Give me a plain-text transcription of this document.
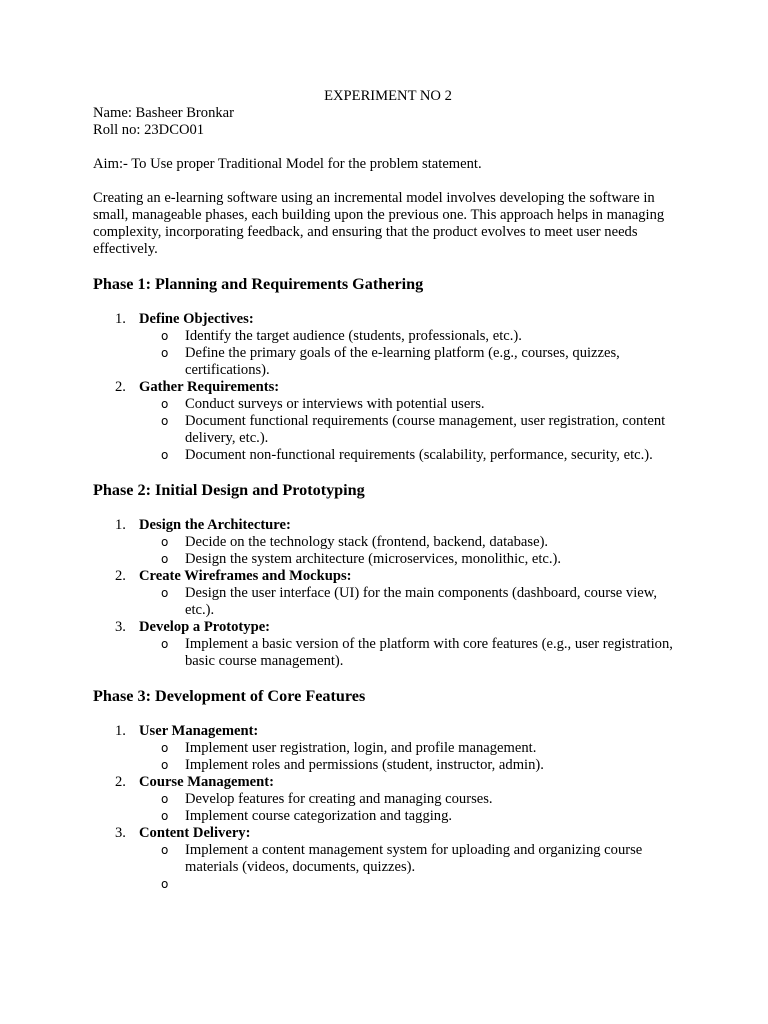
EXPERIMENT NO 2

Name: Basheer Bronkar

Roll no: 23DCO01

Aim:- To Use proper Traditional Model for the problem statement.

Creating an e-learning software using an incremental model involves developing the software in small, manageable phases, each building upon the previous one. This approach helps in managing complexity, incorporating feedback, and ensuring that the product evolves to meet user needs effectively.

Phase 1: Planning and Requirements Gathering
1. Define Objectives:
o Identify the target audience (students, professionals, etc.).
o Define the primary goals of the e-learning platform (e.g., courses, quizzes, certifications).
2. Gather Requirements:
o Conduct surveys or interviews with potential users.
o Document functional requirements (course management, user registration, content delivery, etc.).
o Document non-functional requirements (scalability, performance, security, etc.).
Phase 2: Initial Design and Prototyping
1. Design the Architecture:
o Decide on the technology stack (frontend, backend, database).
o Design the system architecture (microservices, monolithic, etc.).
2. Create Wireframes and Mockups:
o Design the user interface (UI) for the main components (dashboard, course view, etc.).
3. Develop a Prototype:
o Implement a basic version of the platform with core features (e.g., user registration, basic course management).
Phase 3: Development of Core Features
1. User Management:
o Implement user registration, login, and profile management.
o Implement roles and permissions (student, instructor, admin).
2. Course Management:
o Develop features for creating and managing courses.
o Implement course categorization and tagging.
3. Content Delivery:
o Implement a content management system for uploading and organizing course materials (videos, documents, quizzes).
o
